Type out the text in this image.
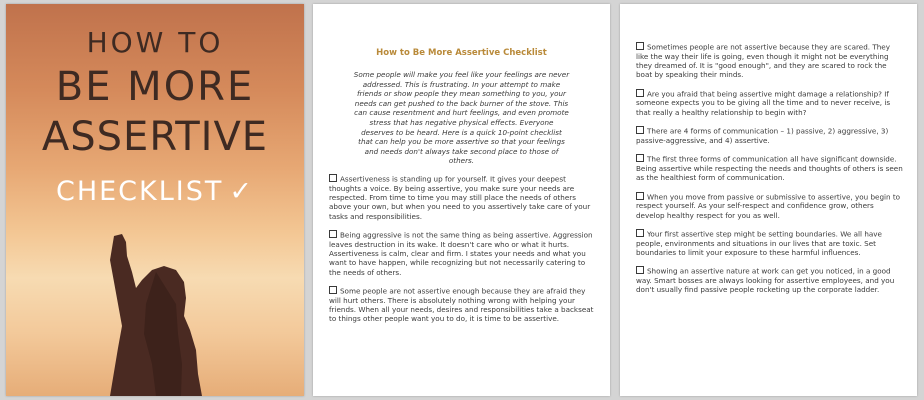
HOW TO
BE MORE
ASSERTIVE
CHECKLIST ✓
How to Be More Assertive Checklist
Some people will make you feel like your feelings are never addressed. This is frustrating. In your attempt to make friends or show people they mean something to you, your needs can get pushed to the back burner of the stove. This can cause resentment and hurt feelings, and even promote stress that has negative physical effects. Everyone deserves to be heard. Here is a quick 10-point checklist that can help you be more assertive so that your feelings and needs don't always take second place to those of others.
Assertiveness is standing up for yourself. It gives your deepest thoughts a voice. By being assertive, you make sure your needs are respected. From time to time you may still place the needs of others above your own, but when you need to you assertively take care of your tasks and responsibilities.
Being aggressive is not the same thing as being assertive. Aggression leaves destruction in its wake. It doesn't care who or what it hurts. Assertiveness is calm, clear and firm. I states your needs and what you want to have happen, while recognizing but not necessarily catering to the needs of others.
Some people are not assertive enough because they are afraid they will hurt others. There is absolutely nothing wrong with helping your friends. When all your needs, desires and responsibilities take a backseat to things other people want you to do, it is time to be assertive.
Sometimes people are not assertive because they are scared. They like the way their life is going, even though it might not be everything they dreamed of. It is "good enough", and they are scared to rock the boat by speaking their minds.
Are you afraid that being assertive might damage a relationship? If someone expects you to be giving all the time and to never receive, is that really a healthy relationship to begin with?
There are 4 forms of communication – 1) passive, 2) aggressive, 3) passive-aggressive, and 4) assertive.
The first three forms of communication all have significant downside. Being assertive while respecting the needs and thoughts of others is seen as the healthiest form of communication.
When you move from passive or submissive to assertive, you begin to respect yourself. As your self-respect and confidence grow, others develop healthy respect for you as well.
Your first assertive step might be setting boundaries. We all have people, environments and situations in our lives that are toxic. Set boundaries to limit your exposure to these harmful influences.
Showing an assertive nature at work can get you noticed, in a good way. Smart bosses are always looking for assertive employees, and you don't usually find passive people rocketing up the corporate ladder.
